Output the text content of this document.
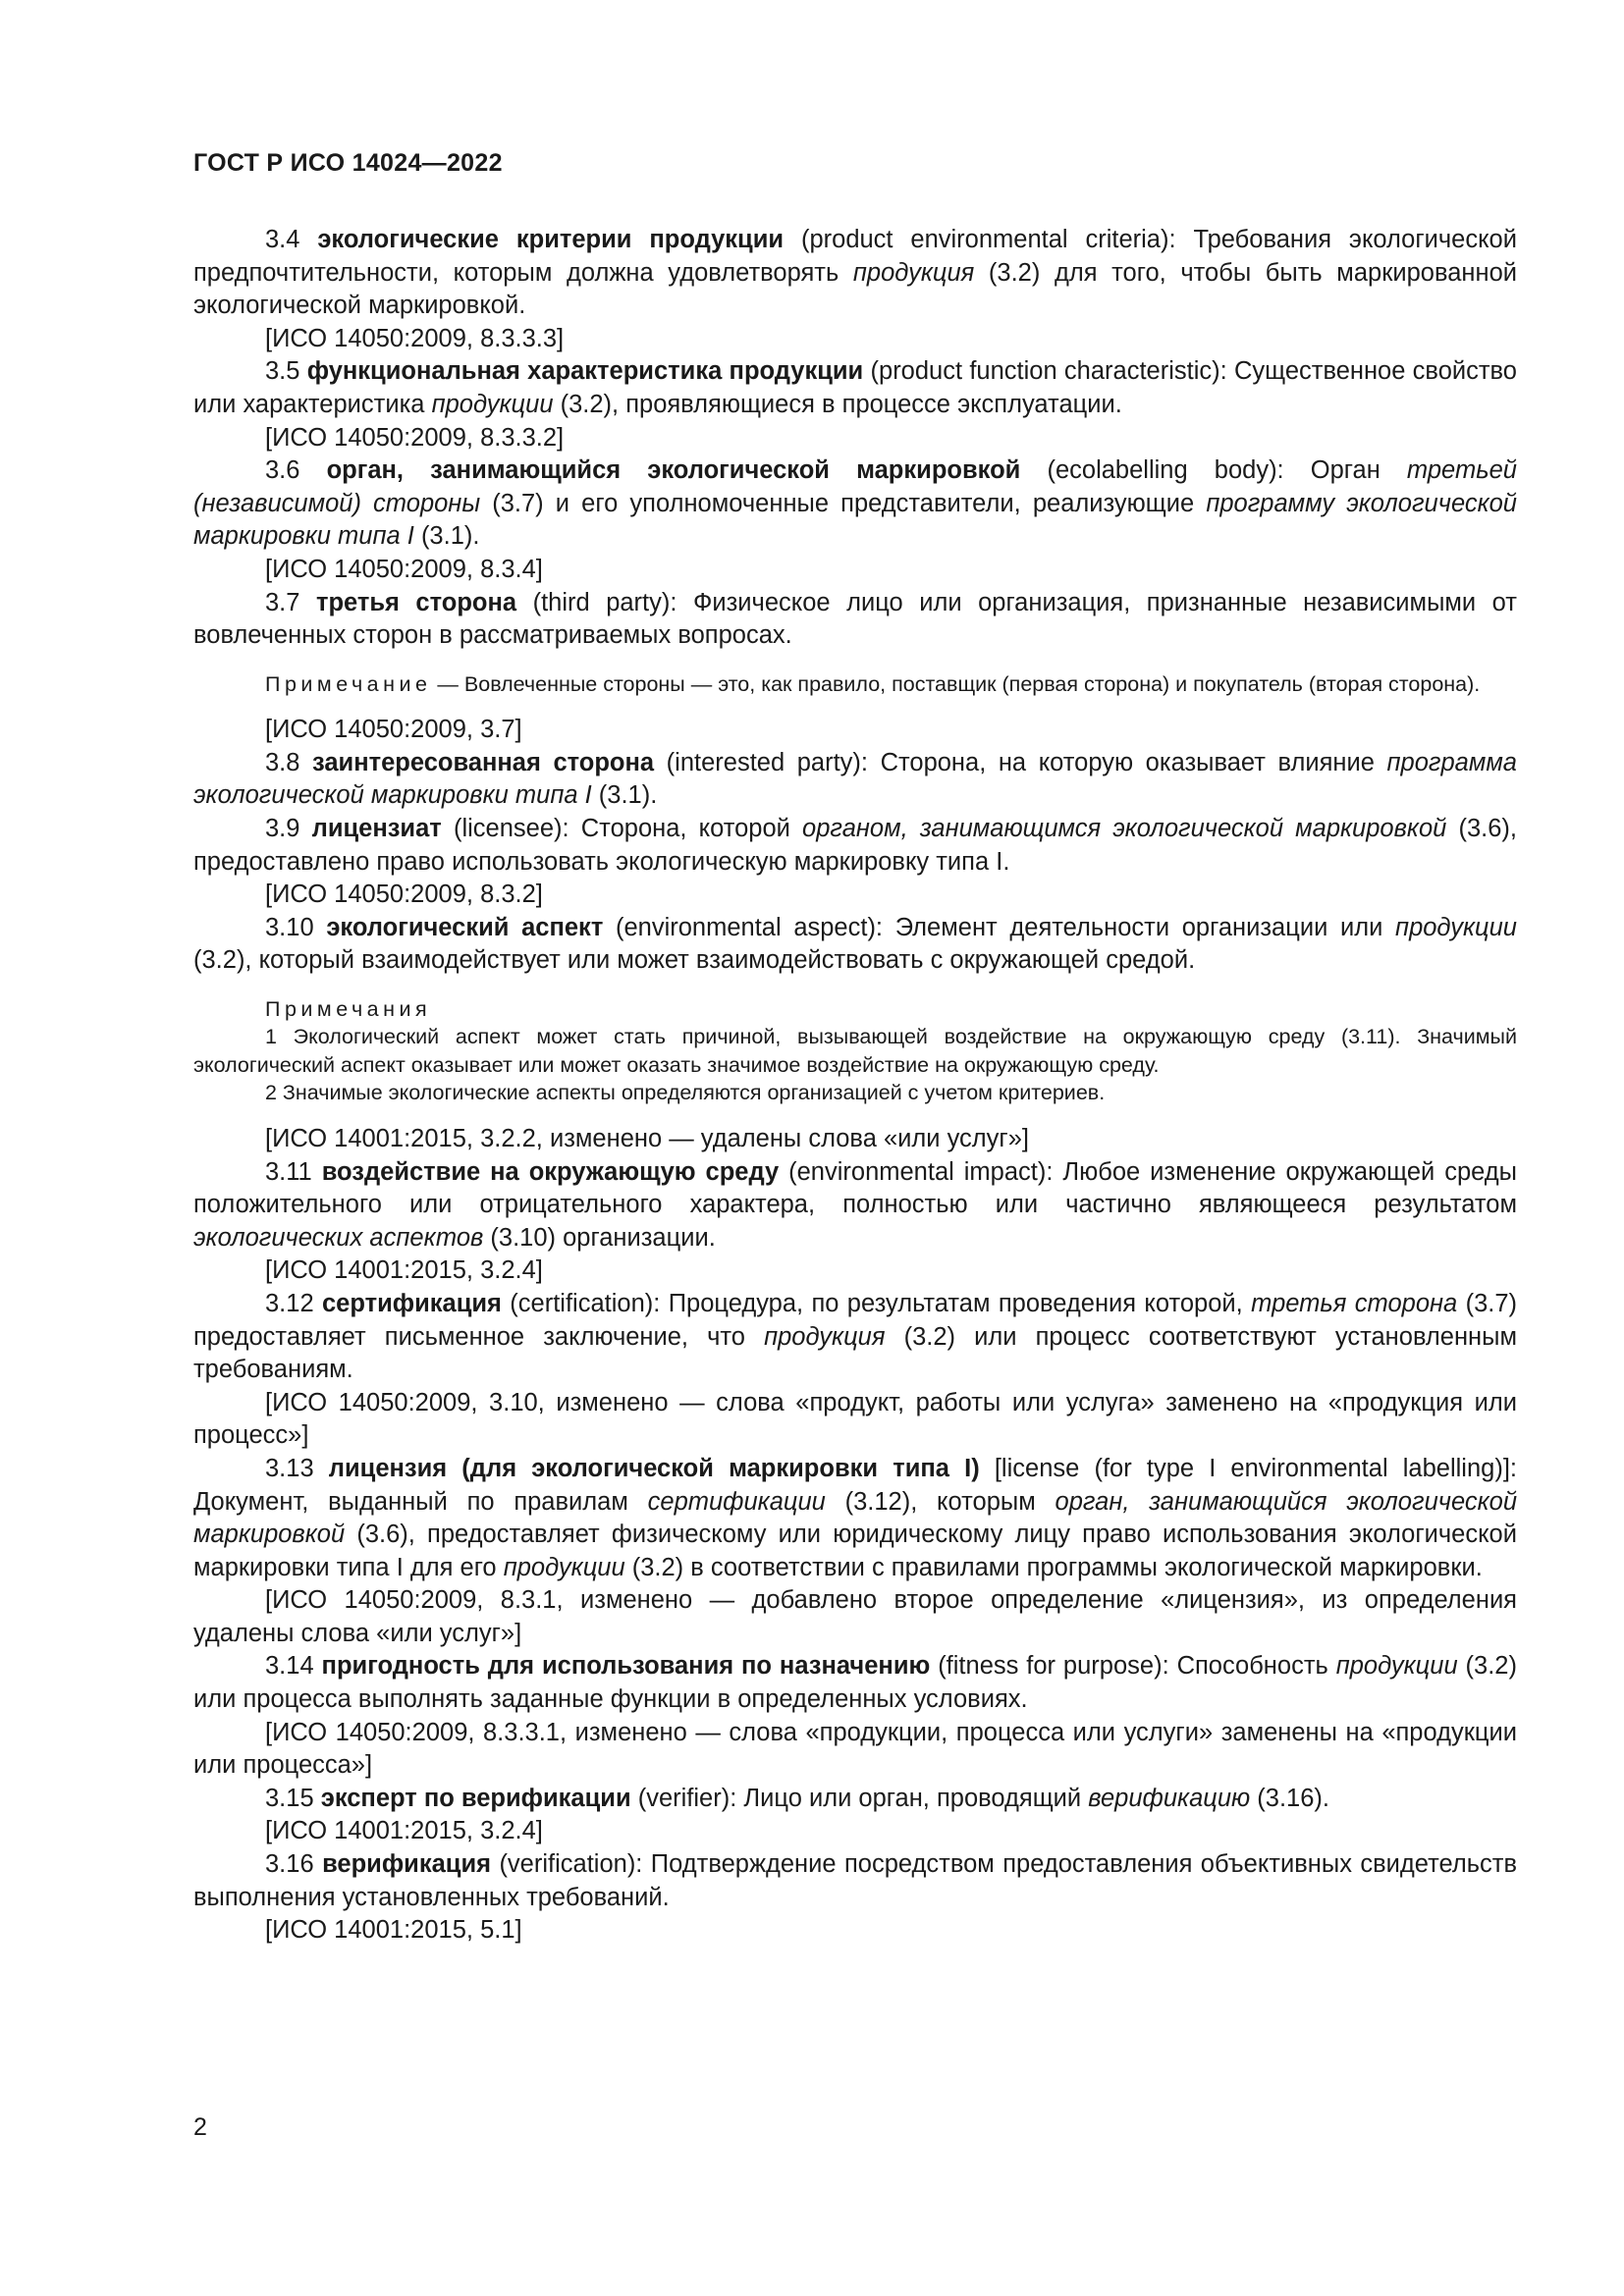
ГОСТ Р ИСО 14024—2022

3.4 экологические критерии продукции (product environmental criteria): Требования экологической предпочтительности, которым должна удовлетворять продукция (3.2) для того, чтобы быть маркированной экологической маркировкой.

[ИСО 14050:2009, 8.3.3.3]

3.5 функциональная характеристика продукции (product function characteristic): Существенное свойство или характеристика продукции (3.2), проявляющиеся в процессе эксплуатации.

[ИСО 14050:2009, 8.3.3.2]

3.6 орган, занимающийся экологической маркировкой (ecolabelling body): Орган третьей (независимой) стороны (3.7) и его уполномоченные представители, реализующие программу экологической маркировки типа I (3.1).

[ИСО 14050:2009, 8.3.4]

3.7 третья сторона (third party): Физическое лицо или организация, признанные независимыми от вовлеченных сторон в рассматриваемых вопросах.

Примечание — Вовлеченные стороны — это, как правило, поставщик (первая сторона) и покупатель (вторая сторона).

[ИСО 14050:2009, 3.7]

3.8 заинтересованная сторона (interested party): Сторона, на которую оказывает влияние программа экологической маркировки типа I (3.1).

3.9 лицензиат (licensee): Сторона, которой органом, занимающимся экологической маркировкой (3.6), предоставлено право использовать экологическую маркировку типа I.

[ИСО 14050:2009, 8.3.2]

3.10 экологический аспект (environmental aspect): Элемент деятельности организации или продукции (3.2), который взаимодействует или может взаимодействовать с окружающей средой.

Примечания

1 Экологический аспект может стать причиной, вызывающей воздействие на окружающую среду (3.11). Значимый экологический аспект оказывает или может оказать значимое воздействие на окружающую среду.

2 Значимые экологические аспекты определяются организацией с учетом критериев.

[ИСО 14001:2015, 3.2.2, изменено — удалены слова «или услуг»]

3.11 воздействие на окружающую среду (environmental impact): Любое изменение окружающей среды положительного или отрицательного характера, полностью или частично являющееся результатом экологических аспектов (3.10) организации.

[ИСО 14001:2015, 3.2.4]

3.12 сертификация (certification): Процедура, по результатам проведения которой, третья сторона (3.7) предоставляет письменное заключение, что продукция (3.2) или процесс соответствуют установленным требованиям.

[ИСО 14050:2009, 3.10, изменено — слова «продукт, работы или услуга» заменено на «продукция или процесс»]

3.13 лицензия (для экологической маркировки типа I) [license (for type I environmental labelling)]: Документ, выданный по правилам сертификации (3.12), которым орган, занимающийся экологической маркировкой (3.6), предоставляет физическому или юридическому лицу право использования экологической маркировки типа I для его продукции (3.2) в соответствии с правилами программы экологической маркировки.

[ИСО 14050:2009, 8.3.1, изменено — добавлено второе определение «лицензия», из определения удалены слова «или услуг»]

3.14 пригодность для использования по назначению (fitness for purpose): Способность продукции (3.2) или процесса выполнять заданные функции в определенных условиях.

[ИСО 14050:2009, 8.3.3.1, изменено — слова «продукции, процесса или услуги» заменены на «продукции или процесса»]

3.15 эксперт по верификации (verifier): Лицо или орган, проводящий верификацию (3.16).

[ИСО 14001:2015, 3.2.4]

3.16 верификация (verification): Подтверждение посредством предоставления объективных свидетельств выполнения установленных требований.

[ИСО 14001:2015, 5.1]

2
